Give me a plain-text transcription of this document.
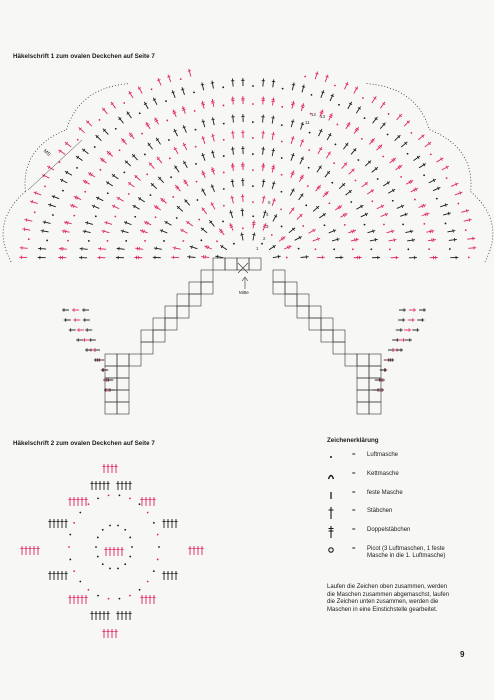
Häkelschrift 1 zum ovalen Deckchen auf Seite 7
Häkelschrift 2 zum ovalen Deckchen auf Seite 7
MS
Mitte
5
4
3
2
1
11
12 13
Zeichenerklärung
= Luftmasche
= Kettmasche
= feste Masche
= Stäbchen
= Doppelstäbchen
= Picot (3 Luftmaschen, 1 feste Masche in die 1. Luftmasche)
Laufen die Zeichen oben zusammen, werden die Maschen zusammen abgemaschst, laufen die Zeichen unten zusammen, werden die Maschen in eine Einstichstelle gearbeitet.
9
